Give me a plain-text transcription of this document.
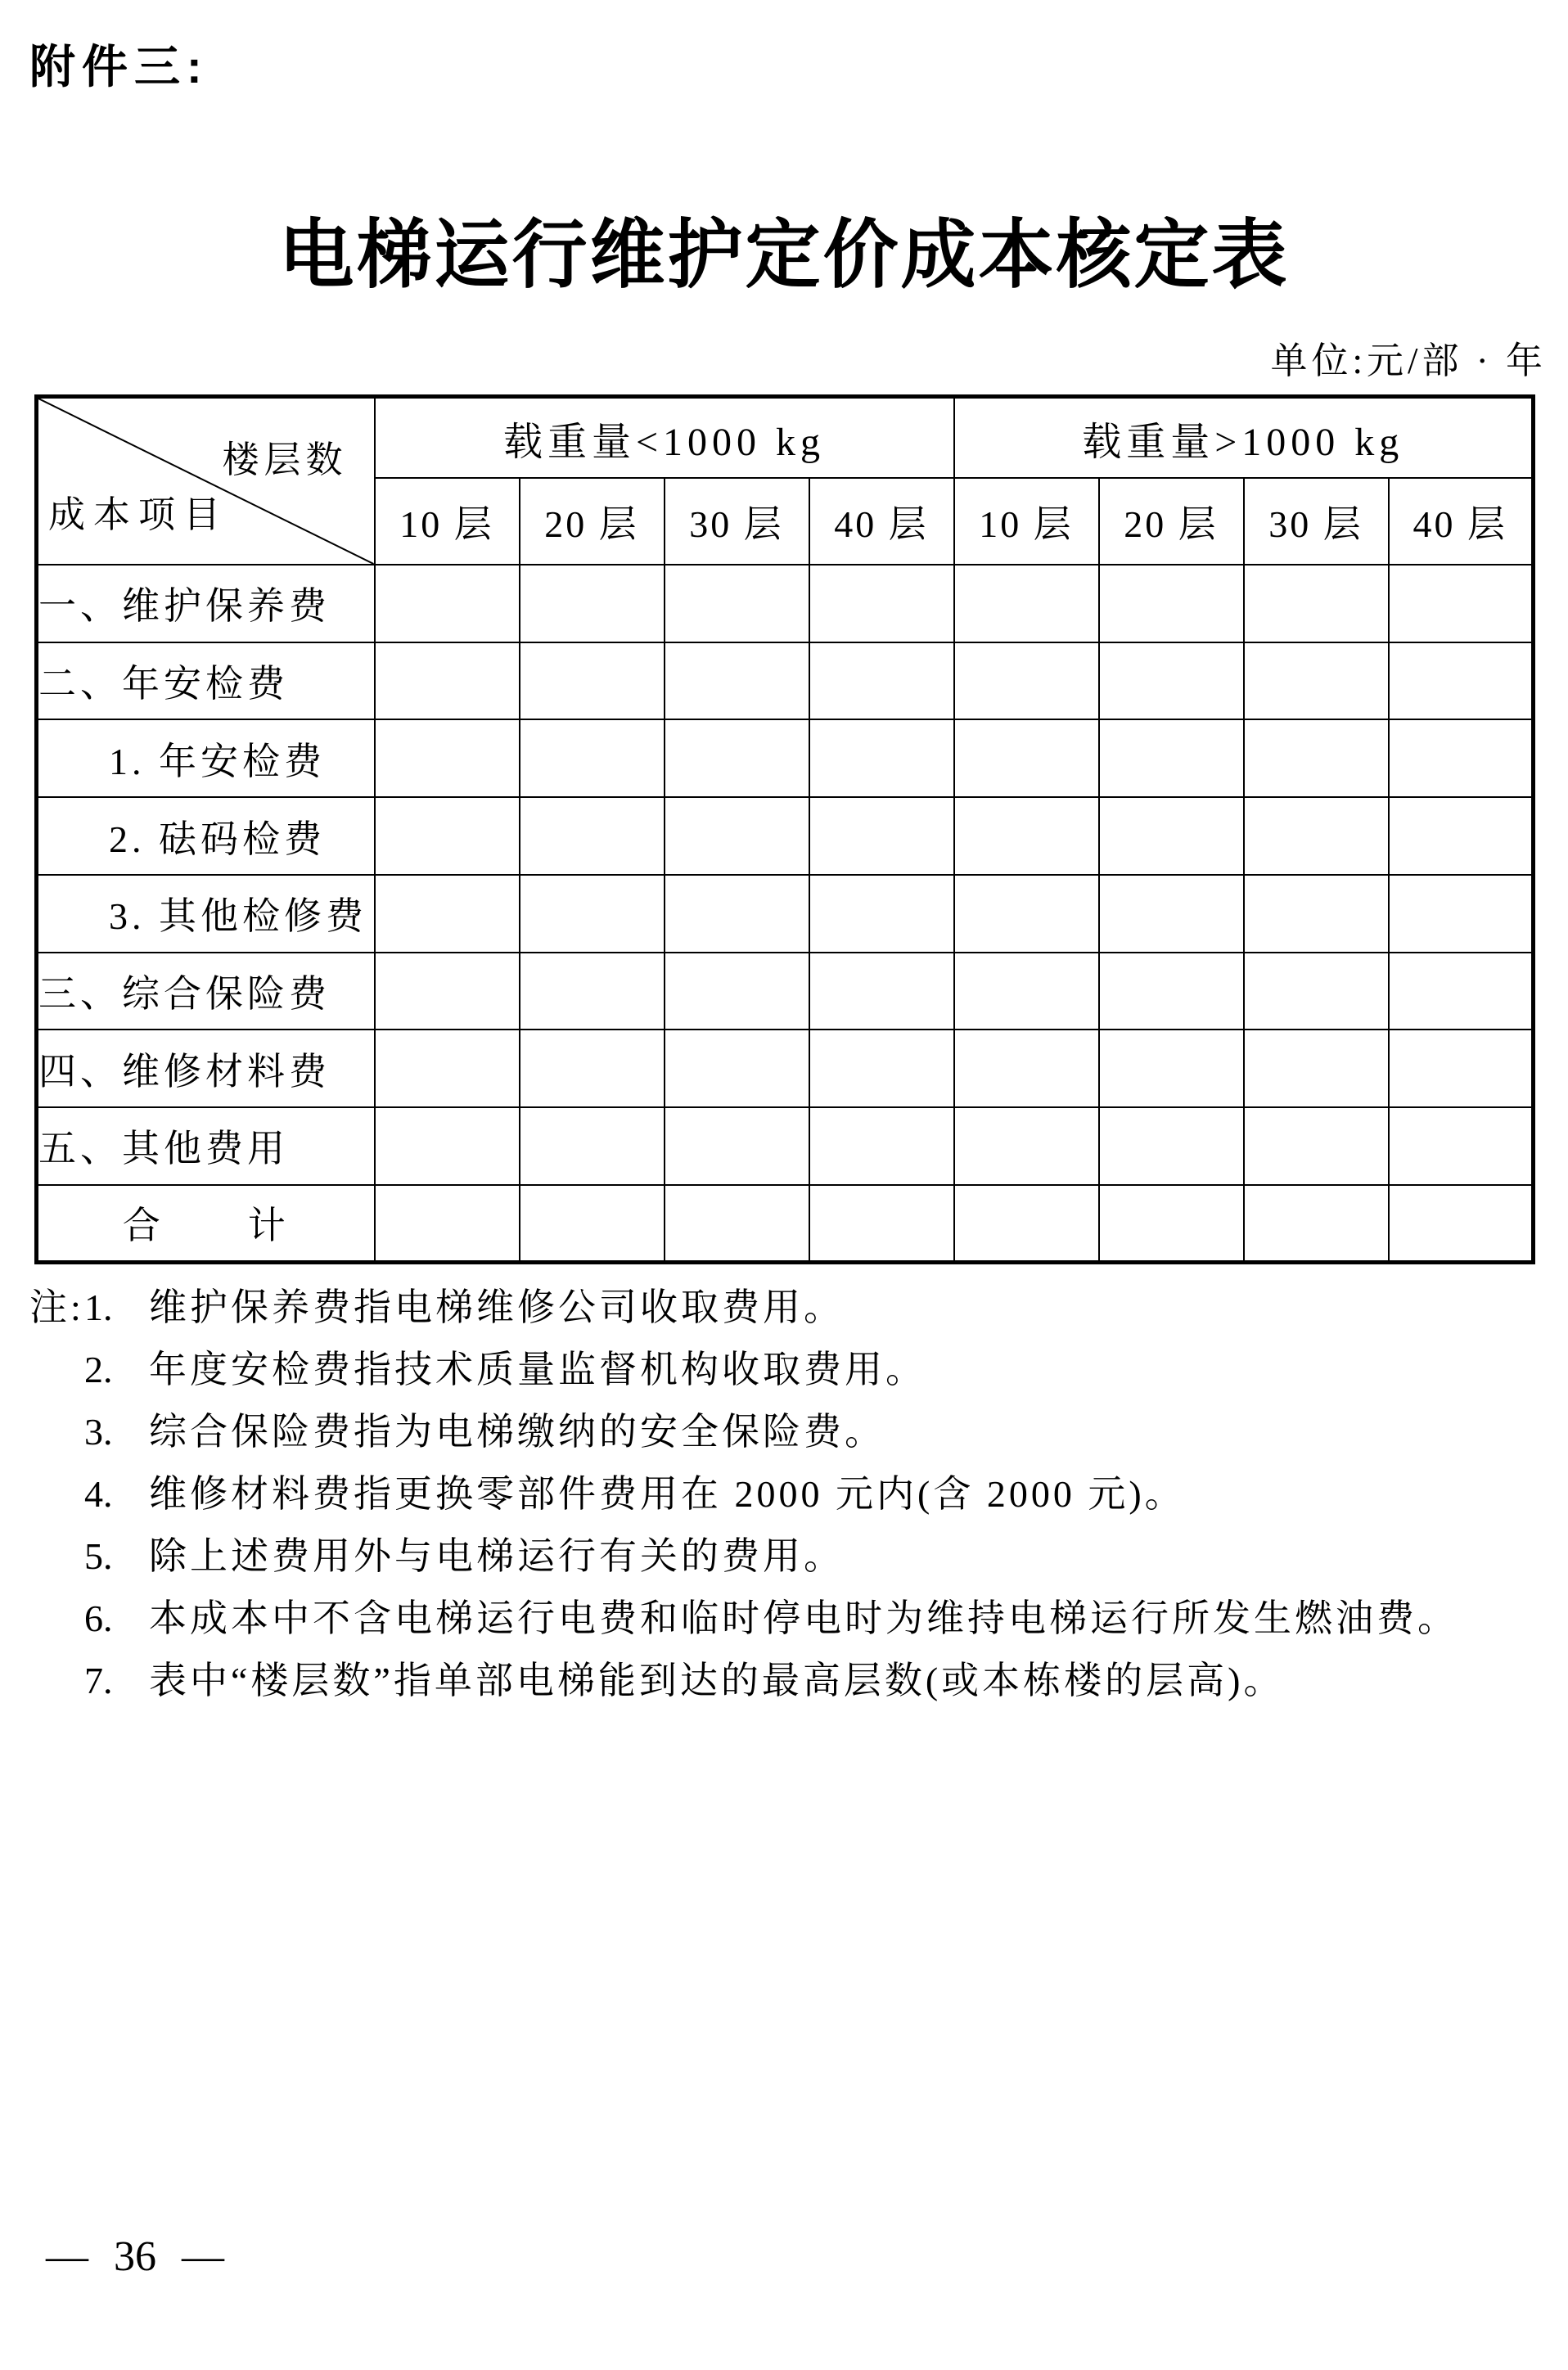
附件三:
电梯运行维护定价成本核定表
单位:元/部 · 年
楼层数
成本项目	载重量<1000 kg				载重量>1000 kg			
	10 层	20 层	30 层	40 层	10 层	20 层	30 层	40 层
一、维护保养费								
二、年安检费								
1. 年安检费								
2. 砝码检费								
3. 其他检修费								
三、综合保险费								
四、维修材料费								
五、其他费用								
合　　计								
注: 1. 维护保养费指电梯维修公司收取费用。
2. 年度安检费指技术质量监督机构收取费用。
3. 综合保险费指为电梯缴纳的安全保险费。
4. 维修材料费指更换零部件费用在 2000 元内(含 2000 元)。
5. 除上述费用外与电梯运行有关的费用。
6. 本成本中不含电梯运行电费和临时停电时为维持电梯运行所发生燃油费。
7. 表中“楼层数”指单部电梯能到达的最高层数(或本栋楼的层高)。
— 36 —
